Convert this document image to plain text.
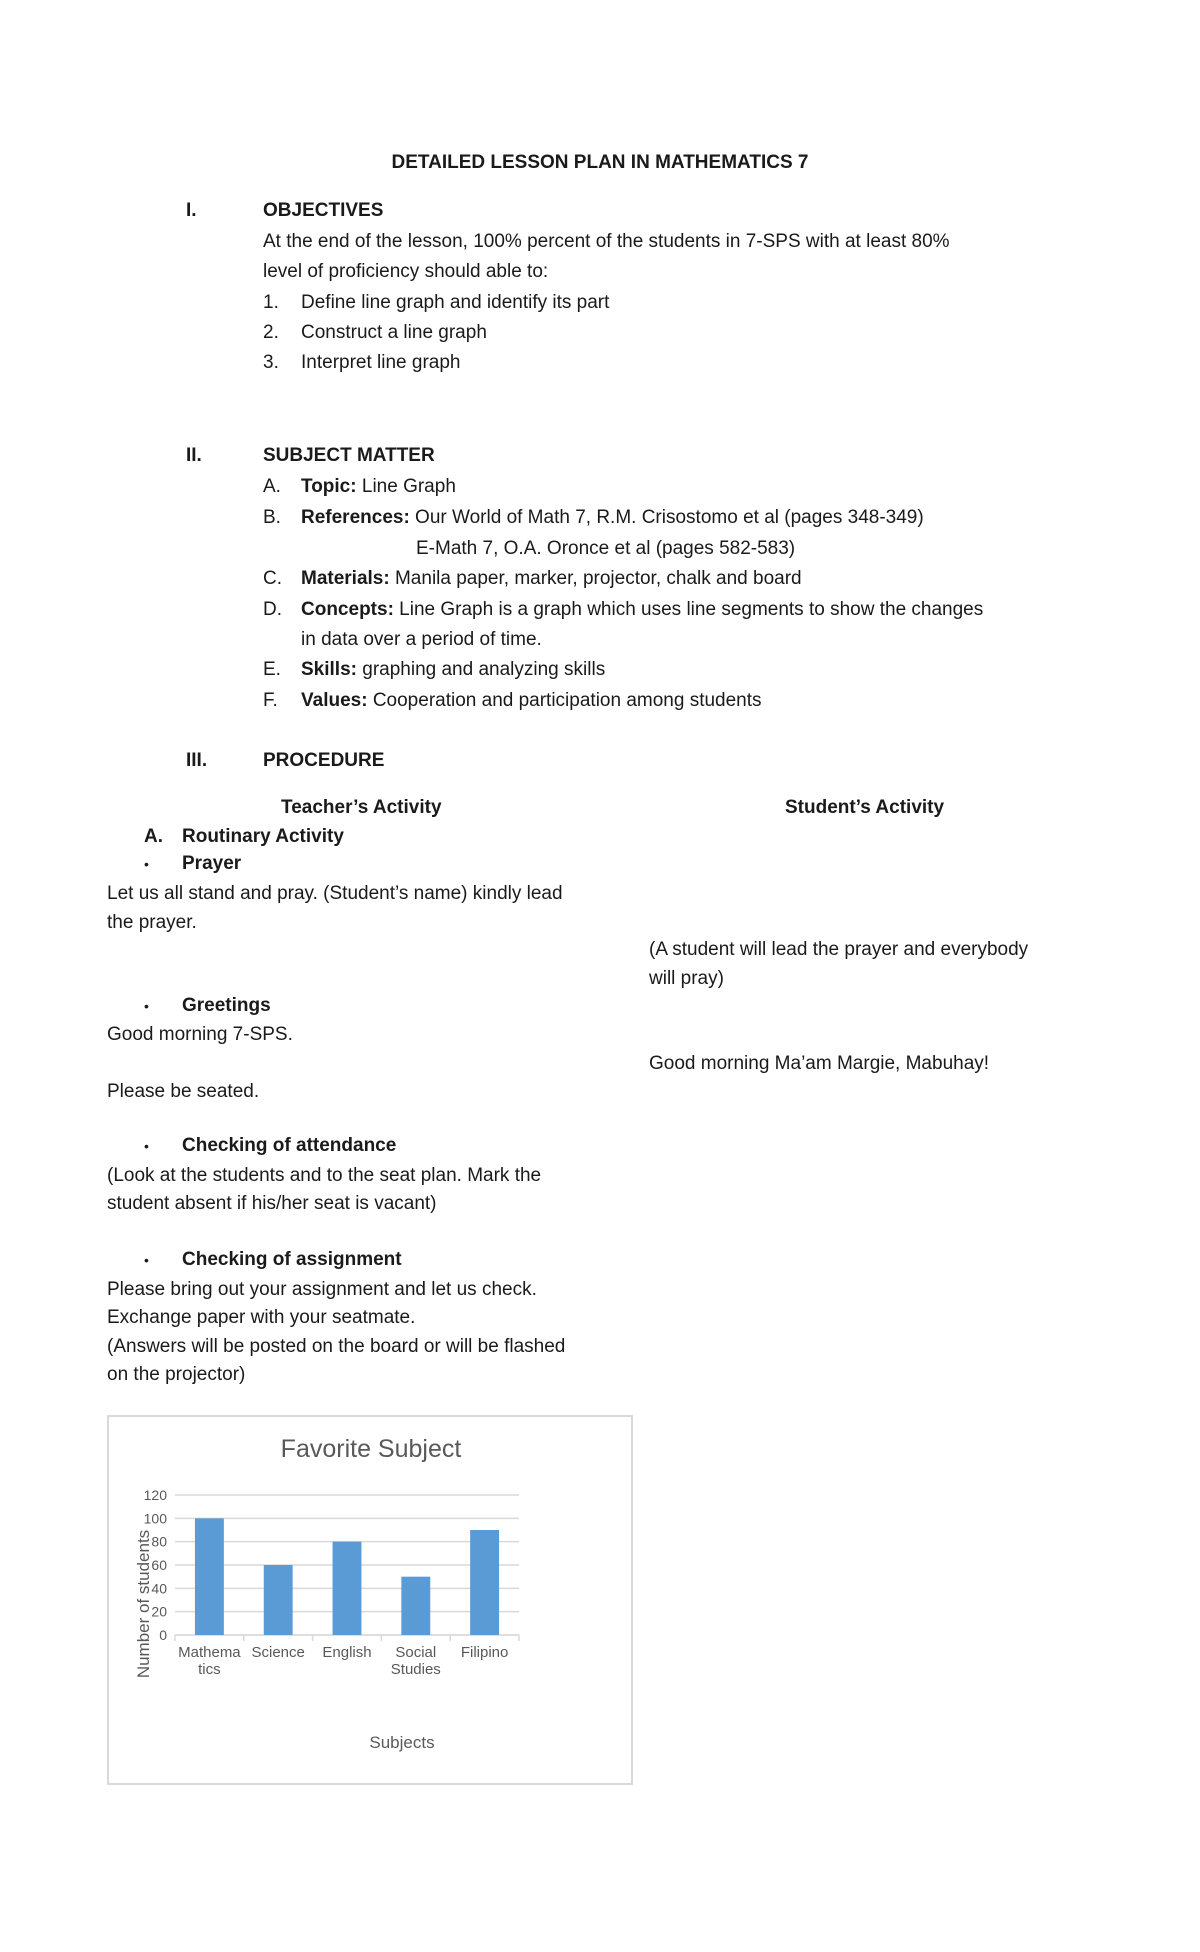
DETAILED LESSON PLAN IN MATHEMATICS 7
I.	OBJECTIVES
At the end of the lesson, 100% percent of the students in 7-SPS with at least 80%
level of proficiency should able to:
1. Define line graph and identify its part
2. Construct a line graph
3. Interpret line graph
II.	SUBJECT MATTER
A. Topic: Line Graph
B. References: Our World of Math 7, R.M. Crisostomo et al (pages 348-349)
E-Math 7, O.A. Oronce et al (pages 582-583)
C. Materials: Manila paper, marker, projector, chalk and board
D. Concepts: Line Graph is a graph which uses line segments to show the changes
in data over a period of time.
E. Skills: graphing and analyzing skills
F. Values: Cooperation and participation among students
III.	PROCEDURE
Teacher’s Activity	Student’s Activity
A. Routinary Activity
• Prayer
Let us all stand and pray. (Student’s name) kindly lead
the prayer.
(A student will lead the prayer and everybody
will pray)
• Greetings
Good morning 7-SPS.
Please be seated.
Good morning Ma’am Margie, Mabuhay!
• Checking of attendance
(Look at the students and to the seat plan. Mark the
student absent if his/her seat is vacant)
• Checking of assignment
Please bring out your assignment and let us check.
Exchange paper with your seatmate.
(Answers will be posted on the board or will be flashed
on the projector)
Favorite Subject
Subjects
Number of students 0
20
40
60
80
100
120
Mathema
tics
Science English Social
Studies
Filipino
